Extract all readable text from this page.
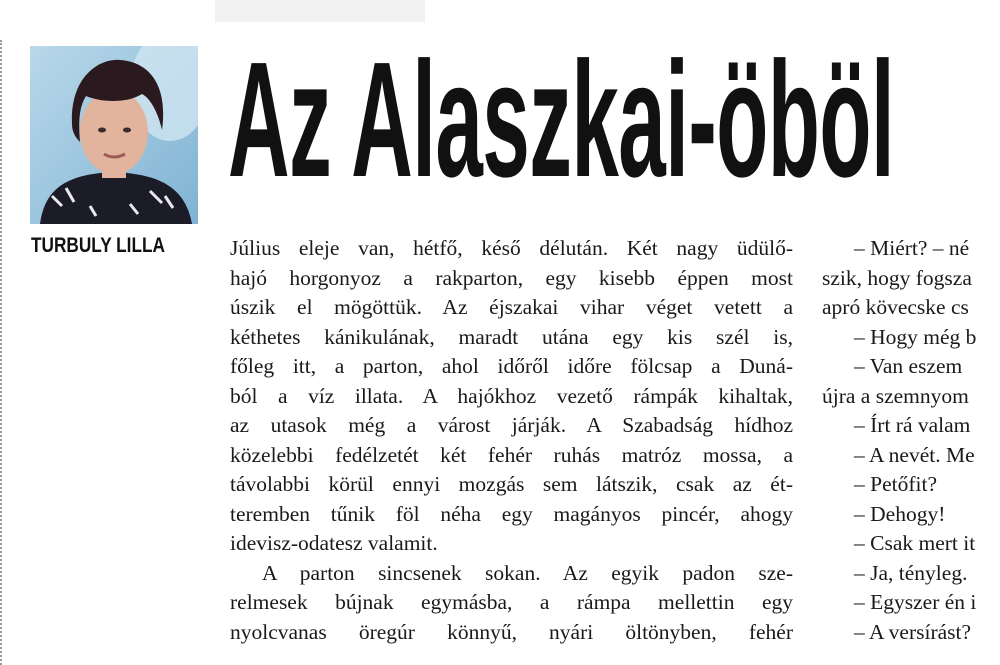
TURBULY LILLA
Az Alaszkai-öböl

Július eleje van, hétfő, késő délután. Két nagy üdülő-
hajó horgonyoz a rakparton, egy kisebb éppen most
úszik el mögöttük. Az éjszakai vihar véget vetett a
kéthetes kánikulának, maradt utána egy kis szél is,
főleg itt, a parton, ahol időről időre fölcsap a Duná-
ból a víz illata. A hajókhoz vezető rámpák kihaltak,
az utasok még a várost járják. A Szabadság hídhoz
közelebbi fedélzetét két fehér ruhás matróz mossa, a
távolabbi körül ennyi mozgás sem látszik, csak az ét-
teremben tűnik föl néha egy magányos pincér, ahogy
idevisz-odatesz valamit.

A parton sincsenek sokan. Az egyik padon sze-
relmesek bújnak egymásba, a rámpa mellettin egy
nyolcvanas öregúr könnyű, nyári öltönyben, fehér

– Miért? – né
szik, hogy fogsza
apró kövecske cs
– Hogy még b
– Van eszem
újra a szemnyom
– Írt rá valam
– A nevét. Me
– Petőfit?
– Dehogy!
– Csak mert it
– Ja, tényleg.
– Egyszer én i
– A versírást?
